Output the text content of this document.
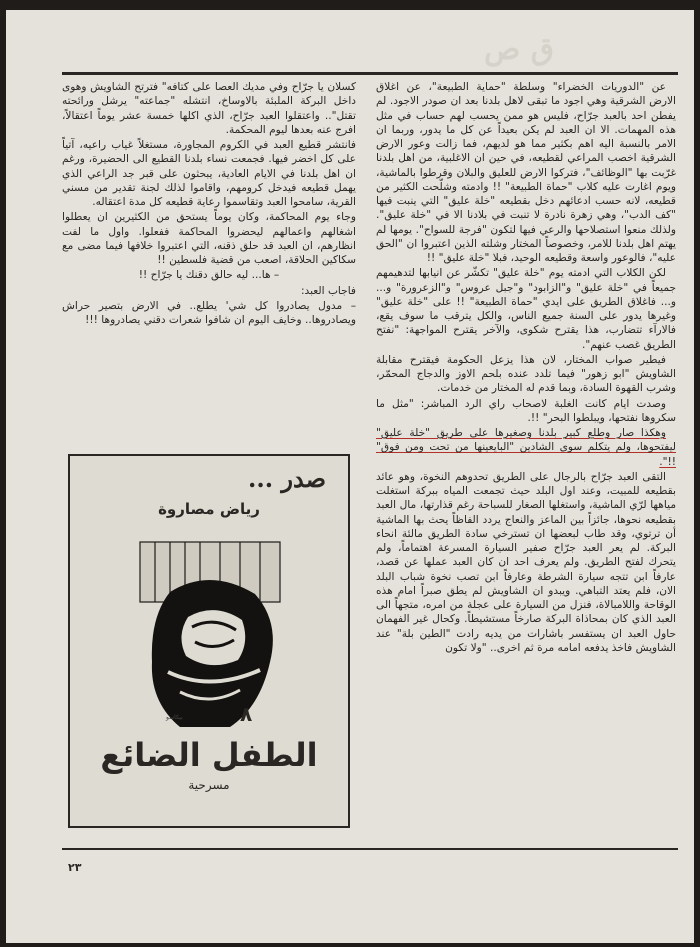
ق ص

عن "الدوريات الخضراء" وسلطة "حماية الطبيعة"، عن اغلاق الارض الشرقية وهي اجود ما تبقى لاهل بلدنا بعد ان صودر الاجود. لم يفطن احد بالعبد جرّاح، فليس هو ممن يحسب لهم حساب في مثل هذه المهمات. الا ان العبد لم يكن بعيداً عن كل ما يدور، وربما ان الامر بالنسبة اليه اهم بكثير مما هو لديهم، فما زالت وعور الارض الشرقية اخصب المراعي لقطيعه، في حين ان الاغلبية، من اهل بلدنا غرّبت بها "الوظائف"، فتركوا الارض للعليق والبلان وقرطوا بالماشية، ويوم اغارت عليه كلاب "حماة الطبيعة" !! وادمته وشلّحت الكثير من قطيعه، لانه حسب ادعائهم دخل بقطيعه "خلة عليق" التي ينبت فيها "كف الدب"، وهي زهرة نادرة لا تنبت في بلادنا الا في "خلة عليق". ولذلك منعوا استصلاحها والرعي فيها لتكون "فرجة للسواح". يومها لم يهتم اهل بلدنا للامر، وخصوصاً المختار وشلته الذين اعتبروا ان "الحق عليه"، فالوعور واسعة وقطيعه الوحيد، فبلا "خلة عليق" !!

لكن الكلاب التي ادمته يوم "خلة عليق" تكشّر عن انيابها لتدهيمهم جميعاً في "خلة عليق" و"الزابود" و"جبل عروس" و"الزعرورة" و... و... فاغلاق الطريق على ايدي "حماة الطبيعة" !! على "خلة عليق" وغيرها يدور على السنة جميع الناس، والكل يترقب ما سوف يقع، فالارآء تتضارب، هذا يقترح شكوى، والآخر يقترح المواجهة: "نفتح الطريق غصب عنهم".

فيطير صواب المختار، لان هذا يزعل الحكومة فيقترح مقابلة الشاويش "ابو زهور" فيما تلدد عنده بلحم الاوز والدجاج المحمّر، وشرب القهوة السادة، وبما قدم له المختار من خدمات.

وصدت ايام كانت الغلبة لاصحاب راي الرد المباشر: "مثل ما سكروها نفتحها، ويبلطوا البحر" !!.

وهكذا صار وطلع كبير بلدنا وصغيرها على طريق "خلة عليق" ليفتحوها، ولم يتكلم سوى الشادين "البايعينها من تحت ومن فوق" !!".

التقى العبد جرّاح بالرجال على الطريق تحدوهم النخوة، وهو عائد بقطيعه للمبيت، وعند اول البلد حيث تجمعت المياه ببركة استغلت مياهها لرّي الماشية، واستغلها الصغار للسباحة رغم قذارتها، مال العبد بقطيعه نحوها، جائزاً بين الماعز والنعاج يردد الفاظاً يحث بها الماشية أن ترتوي، وقد طاب لبعضها ان تسترخي سادة الطريق مالئة انحاء البركة. لم يعر العبد جرّاح صفير السيارة المسرعة اهتماماً، ولم يتحرك لفتح الطريق. ولم يعرف احد ان كان العبد عملها عن قصد، عارفاً ابن تتجه سيارة الشرطة وعارفاً ابن تصب نخوة شباب البلد الان، فلم يعتد التباهي. ويبدو ان الشاويش لم يطق صبراً امام هذه الوقاحة واللامبالاة، فنزل من السيارة على عجلة من امره، متجهاً الى العبد الذي كان بمحاذاة البركة صارخاً مستشيطاً. وكحال غير الفهمان حاول العبد ان يستفسر باشارات من يديه رادت "الطين بلة" عند الشاويش فاخذ يدفعه امامه مرة ثم اخرى.. "ولا تكون

كسلان يا جرّاح وفي مديك العصا على كتافه" فترتح الشاويش وهوى داخل البركة الملبئة بالاوساخ، انتشله "جماعته" يرشل ورائحته تقتل".. واعتقلوا العبد جرّاح، الذي اكلها خمسة عشر يوماً اعتقالاً، افرج عنه بعدها ليوم المحكمة.

فانتشر قطيع العبد في الكروم المجاورة، مستغلاً غياب راعيه، آتياً على كل اخضر فيها. فجمعت نساء بلدنا القطيع الى الحضيرة، ورغم ان اهل بلدنا في الايام العادية، يبحثون على قبر جد الراعي الذي يهمل قطيعه فيدخل كرومهم، واقاموا لذلك لجنة تقدير من مسني القرية، سامحوا العبد وتقاسموا رعاية قطيعه كل مدة اعتقاله.

وجاء يوم المحاكمة، وكان يوماً يستحق من الكثيرين ان يعطلوا اشغالهم واعمالهم ليحضروا المحاكمة ففعلوا. واول ما لفت انظارهم، ان العبد قد حلق ذقنه، التي اعتبروا خلافها فيما مضى مع سكاكين الحلاقة، اصعب من قضية فلسطين !!

– ها... ليه حالق دقنك يا جرّاح !!

فاجاب العبد:

– مدول يصادروا كل شي' يطلع.. في الارض بتصير حراش ويصادروها.. وخايف اليوم ان شافوا شعرات دقني يصادروها !!!

صدر ...
رياض مصاروة
بيكاسو	٨
الطفل الضائع
مسرحية
٢٣
